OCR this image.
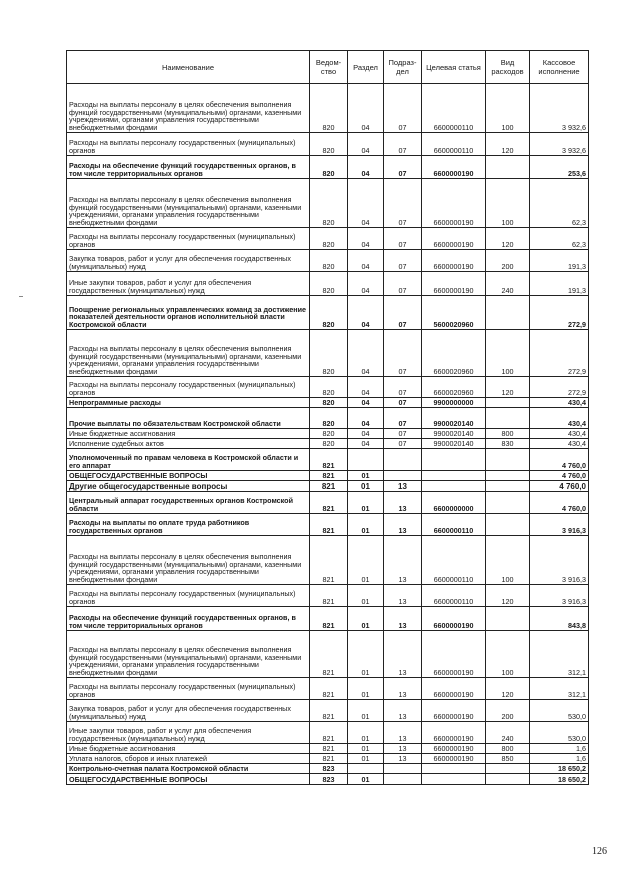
Наименование	Ведом-ство	Раздел	Подраз-дел	Целевая статья	Вид расходов	Кассовое исполнение
Расходы на выплаты персоналу в целях обеспечения выполнения функций государственными (муниципальными) органами, казенными учреждениями, органами управления государственными внебюджетными фондами	820	04	07	6600000110	100	3 932,6
Расходы на выплаты персоналу государственных (муниципальных) органов	820	04	07	6600000110	120	3 932,6
Расходы на обеспечение функций государственных органов, в том числе территориальных органов	820	04	07	6600000190		253,6
Расходы на выплаты персоналу в целях обеспечения выполнения функций государственными (муниципальными) органами, казенными учреждениями, органами управления государственными внебюджетными фондами	820	04	07	6600000190	100	62,3
Расходы на выплаты персоналу государственных (муниципальных) органов	820	04	07	6600000190	120	62,3
Закупка товаров, работ и услуг для обеспечения государственных (муниципальных) нужд	820	04	07	6600000190	200	191,3
Иные закупки товаров, работ и услуг для обеспечения государственных (муниципальных) нужд	820	04	07	6600000190	240	191,3
Поощрение региональных управленческих команд за достижение показателей деятельности органов исполнительной власти Костромской области	820	04	07	5600020960		272,9
Расходы на выплаты персоналу в целях обеспечения выполнения функций государственными (муниципальными) органами, казенными учреждениями, органами управления государственными внебюджетными фондами	820	04	07	6600020960	100	272,9
Расходы на выплаты персоналу государственных (муниципальных) органов	820	04	07	6600020960	120	272,9
Непрограммные расходы	820	04	07	9900000000		430,4
Прочие выплаты по обязательствам Костромской области	820	04	07	9900020140		430,4
Иные бюджетные ассигнования	820	04	07	9900020140	800	430,4
Исполнение судебных актов	820	04	07	9900020140	830	430,4
Уполномоченный по правам человека в Костромской области и его аппарат	821					4 760,0
ОБЩЕГОСУДАРСТВЕННЫЕ ВОПРОСЫ	821	01				4 760,0
Другие общегосударственные вопросы	821	01	13			4 760,0
Центральный аппарат государственных органов Костромской области	821	01	13	6600000000		4 760,0
Расходы на выплаты по оплате труда работников государственных органов	821	01	13	6600000110		3 916,3
Расходы на выплаты персоналу в целях обеспечения выполнения функций государственными (муниципальными) органами, казенными учреждениями, органами управления государственными внебюджетными фондами	821	01	13	6600000110	100	3 916,3
Расходы на выплаты персоналу государственных (муниципальных) органов	821	01	13	6600000110	120	3 916,3
Расходы на обеспечение функций государственных органов, в том числе территориальных органов	821	01	13	6600000190		843,8
Расходы на выплаты персоналу в целях обеспечения выполнения функций государственными (муниципальными) органами, казенными учреждениями, органами управления государственными внебюджетными фондами	821	01	13	6600000190	100	312,1
Расходы на выплаты персоналу государственных (муниципальных) органов	821	01	13	6600000190	120	312,1
Закупка товаров, работ и услуг для обеспечения государственных (муниципальных) нужд	821	01	13	6600000190	200	530,0
Иные закупки товаров, работ и услуг для обеспечения государственных (муниципальных) нужд	821	01	13	6600000190	240	530,0
Иные бюджетные ассигнования	821	01	13	6600000190	800	1,6
Уплата налогов, сборов и иных платежей	821	01	13	6600000190	850	1,6
Контрольно-счетная палата Костромской области	823					18 650,2
ОБЩЕГОСУДАРСТВЕННЫЕ ВОПРОСЫ	823	01				18 650,2
126
